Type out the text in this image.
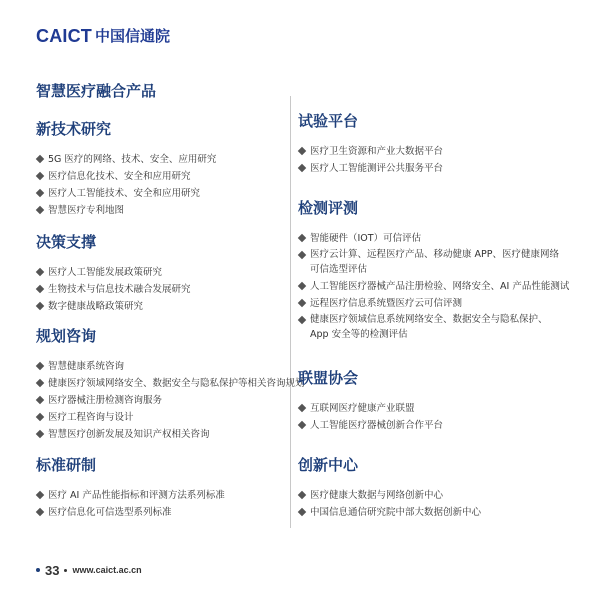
CAICT 中国信通院
智慧医疗融合产品
新技术研究
5G 医疗的网络、技术、安全、应用研究
医疗信息化技术、安全和应用研究
医疗人工智能技术、安全和应用研究
智慧医疗专利地图
决策支撑
医疗人工智能发展政策研究
生物技术与信息技术融合发展研究
数字健康战略政策研究
规划咨询
智慧健康系统咨询
健康医疗领域网络安全、数据安全与隐私保护等相关咨询规划
医疗器械注册检测咨询服务
医疗工程咨询与设计
智慧医疗创新发展及知识产权相关咨询
标准研制
医疗 AI 产品性能指标和评测方法系列标准
医疗信息化可信选型系列标准
试验平台
医疗卫生资源和产业大数据平台
医疗人工智能测评公共服务平台
检测评测
智能硬件（IOT）可信评估
医疗云计算、远程医疗产品、移动健康 APP、医疗健康网络
可信选型评估
人工智能医疗器械产品注册检验、网络安全、AI 产品性能测试
远程医疗信息系统暨医疗云可信评测
健康医疗领域信息系统网络安全、数据安全与隐私保护、
App 安全等的检测评估
联盟协会
互联网医疗健康产业联盟
人工智能医疗器械创新合作平台
创新中心
医疗健康大数据与网络创新中心
中国信息通信研究院中部大数据创新中心
33 www.caict.ac.cn
